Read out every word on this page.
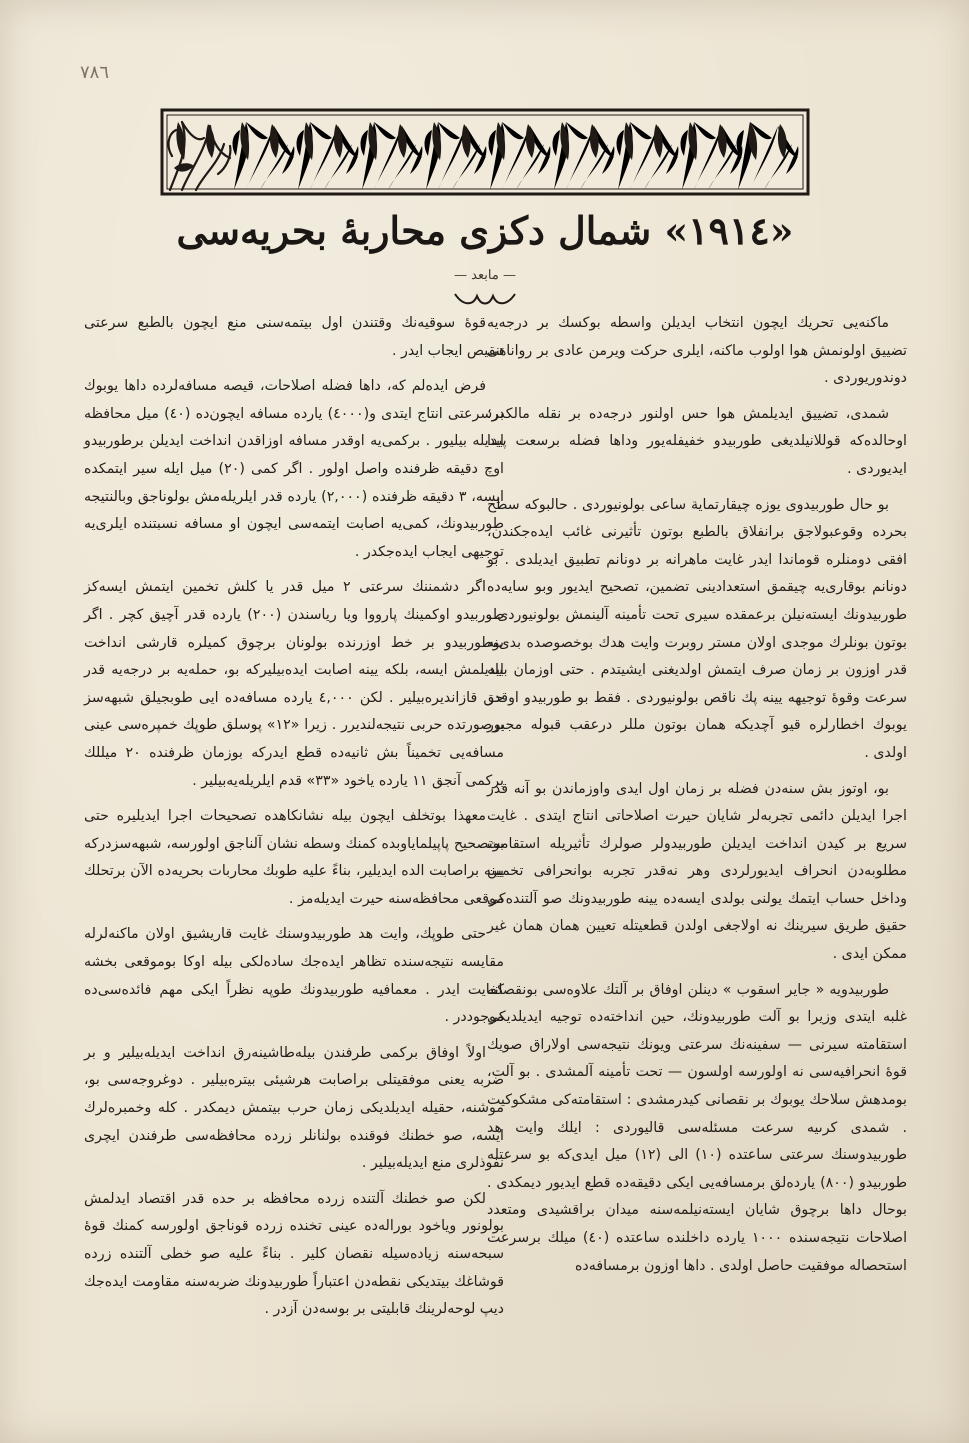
٧٨٦
«١٩١٤» شمال دكزى محاربهٔ بحريه‌سى
— مابعد —

ماكنه‌يى تحريك ايچون انتخاب ايديلن واسطه بوكسك بر درجه‌يه تضييق اولونمش هوا اولوب ماكنه، ايلرى حركت ويرمن عادى بر رواناهى دوندوريوردى .

شمدى، تضييق ايديلمش هوا حس اولنور درجه‌ده بر نقله مالكدر؛ اوحالده‌كه قوللانيلديغى طوربيدو خفيفله‌يور وداها فضله برسعت پيدا ايديوردى .

بو حال طوربيدوى يوزه چيقارتماية ساعى بولونيوردى . حالبوكه سطح بحرده وقوعبولاجق برانفلاق بالطبع بوتون تأثيرنى غائب ايده‌جكندن، افقى دومنلره قوماندا ايدر غايت ماهرانه بر دونانم تطبيق ايديلدى . بو دونانم بوقارى‌يه چيقمق استعدادينى تضمين، تصحيح ايديور وبو سايه‌ده طوربيدونك ايسته‌نيلن برعمقده سيرى تحت تأمينه آلينمش بولونيوردى . بوتون بونلرك موجدى اولان مستر روبرت وايت هدك بوخصوصده بدى‌نه قدر اوزون بر زمان صرف ايتمش اولديغنى ايشيتدم . حتى اوزمان بيله سرعت وقوهٔ توجيهه يينه پك ناقص بولونيوردى . فقط بو طوربيدو اوقدر يوبوك اخطارلره قيو آچديكه همان بوتون مللر درعقب قبوله مجبور اولدى .

بو، اوتوز بش سنه‌دن فضله بر زمان اول ايدى واوزماندن بو آنه قدر اجرا ايديلن دائمى تجربه‌لر شايان حيرت اصلاحاتى انتاج ايتدى . غايت سريع بر كيدن انداخت ايديلن طوربيدولر صولرك تأثيريله استقامت مطلوبه‌دن انحراف ايديورلردى وهر نه‌قدر تجربه بوانحرافى تخمين وداخل حساب ايتمك يولنى بولدى ايسه‌ده يينه طوربيدونك صو آلتنده‌كى حقيق طريق سيرينك نه اولاجغى اولدن قطعيتله تعيين همان همان غير ممكن ايدى .

طوربيدويه « جاير اسقوب » دينلن اوفاق بر آلتك علاوه‌سى بونقصانه غلبه ايتدى وزيرا بو آلت طوربيدونك، حين انداخته‌ده توجيه ايديلديكى استقامته سيرنى — سفينه‌نك سرعتى ويونك نتيجه‌سى اولاراق صويك قوهٔ انحرافيه‌سى نه اولورسه اولسون — تحت تأمينه آلمشدى . بو آلت، بومدهش سلاحك يوبوك بر نقصانى كيدرمشدى : استقامته‌كى مشكوكيت . شمدى كرىيه سرعت مسئله‌سى قاليوردى : ايلك وايت هد طوربيدوسنك سرعتى ساعتده (١٠) الى (١٢) ميل ايدى‌كه بو سرعتله طوربيدو (٨٠٠) يارده‌لق برمسافه‌يى ايكى دقيقه‌ده قطع ايديور ديمكدى . بوحال داها برچوق شايان ايسته‌نيلمه‌سنه ميدان براقشيدى ومتعدد اصلاحات نتيجه‌سنده ١٠٠٠ يارده داخلنده ساعتده (٤٠) ميلك برسرعت استحصاله موفقيت حاصل اولدى . داها اوزون برمسافه‌ده

قوهٔ سوقيه‌نك وقتندن اول بيتمه‌سنى منع ايچون بالطبع سرعتى تنقيص ايجاب ايدر .

فرض ايده‌لم كه، داها فضله اصلاحات، قيصه مسافه‌لرده داها يوبوك برسرعتى انتاج ايتدى و(٤٠٠٠) يارده مسافه ايچون‌ده (٤٠) ميل محافظه ايديله بيليور . بركمى‌يه اوقدر مسافه اوزاقدن انداخت ايديلن برطوربيدو اوچ دقيقه ظرفنده واصل اولور . اگر كمى (٢٠) ميل ايله سير ايتمكده ايسه، ٣ دقيقه ظرفنده (٢,٠٠٠) يارده قدر ايلريله‌مش بولوناجق وبالنتيجه طوربيدونك، كمى‌يه اصابت ايتمه‌سى ايچون او مسافه نسبتنده ايلرى‌يه توجيهى ايجاب ايده‌جكدر .

اگر دشمننك سرعتى ٢ ميل قدر يا كلش تخمين ايتمش ايسه‌كز طوربيدو اوكمينك پارووا ويا رياسندن (٢٠٠) يارده قدر آچيق كچر . اگر بوطوربيدو بر خط اوزرنده بولونان برچوق كميلره قارشى انداخت ايديلمش ايسه، بلكه يينه اصابت ايده‌بيليركه بو، حمله‌يه بر درجه‌يه قدر حق قازانديره‌بيلير . لكن ٤,٠٠٠ يارده مسافه‌ده ايى طوبجيلق شبهه‌سز برصورتده حربى نتيجه‌لنديرر . زيرا «١٢» پوسلق طوپك خمپره‌سى عينى مسافه‌يى تخميناً بش ثانيه‌ده قطع ايدركه بوزمان ظرفنده ٢٠ ميللك بركمى آنجق ١١ يارده ياخود «٣٣» قدم ايلريله‌يه‌بيلير .

معهذا بوتخلف ايچون بيله نشانكاهده تصحيحات اجرا ايديليره حتى بوتصحيح پاپيلماياوبده كمنك وسطه نشان آلناجق اولورسه، شبهه‌سزدركه يينه براصابت الده ايديلير، بناءً عليه طوبك محاربات بحريه‌ده الآن برتحلك موقعى محافظه‌سنه حيرت ايديله‌مز .

حتى طوپك، وايت هد طوربيدوسنك غايت قاريشيق اولان ماكنه‌لرله مقايسه نتيجه‌سنده تظاهر ايده‌جك ساده‌لكى بيله اوكا بوموقعى بخشه كفايت ايدر . معمافيه طوربيدونك طوپه نظراً ايكى مهم فائده‌سى‌ده موجوددر .

اولاً اوفاق بركمى طرفندن بيله‌طاشينه‌رق انداخت ايديله‌بيلير و بر ضربه يعنى موفقيتلى براصابت هرشيئى بيتره‌بيلير . دوغروجه‌سى بو، موشنه، حقيله ايديلديكى زمان حرب بيتمش ديمكدر . كله وخمبره‌لرك ايسه، صو خطنك فوقنده بولنانلر زرده محافظه‌سى طرفندن ايچرى نفوذلرى منع ايديله‌بيلير .

لكن صو خطنك آلتنده زرده محافظه بر حده قدر اقتصاد ايدلمش بولونور وياخود بوراله‌ده عينى تخنده زرده قوناجق اولورسه كمنك قوهٔ سبحه‌سنه زياده‌سيله نقصان كلير . بناءً عليه صو خطى آلتنده زرده قوشاغك بيتديكى نقطه‌دن اعتباراً طوربيدونك ضربه‌سنه مقاومت ايده‌جك ديپ لوحه‌لرينك قابليتى بر بوسه‌دن آزدر .
